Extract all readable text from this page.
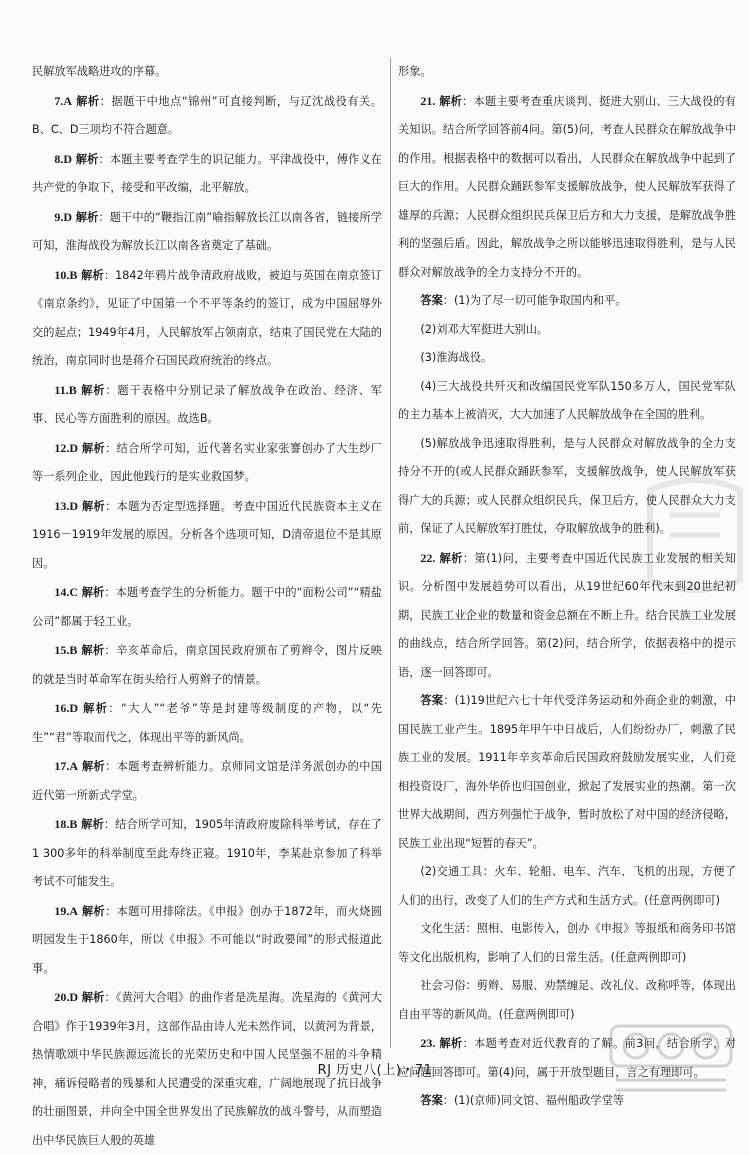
民解放军战略进攻的序幕。

7.A 解析：据题干中地点“锦州”可直接判断，与辽沈战役有关。B、C、D三项均不符合题意。

8.D 解析：本题主要考查学生的识记能力。平津战役中，傅作义在共产党的争取下，接受和平改编，北平解放。

9.D 解析：题干中的“鞭指江南”喻指解放长江以南各省，链接所学可知，淮海战役为解放长江以南各省奠定了基础。

10.B 解析：1842年鸦片战争清政府战败，被迫与英国在南京签订《南京条约》，见证了中国第一个不平等条约的签订，成为中国屈辱外交的起点；1949年4月，人民解放军占领南京，结束了国民党在大陆的统治，南京同时也是蒋介石国民政府统治的终点。

11.B 解析：题干表格中分别记录了解放战争在政治、经济、军事、民心等方面胜利的原因。故选B。

12.D 解析：结合所学可知，近代著名实业家张謇创办了大生纱厂等一系列企业，因此他践行的是实业救国梦。

13.D 解析：本题为否定型选择题。考查中国近代民族资本主义在1916－1919年发展的原因。分析各个选项可知，D清帝退位不是其原因。

14.C 解析：本题考查学生的分析能力。题干中的“面粉公司”“精盐公司”都属于轻工业。

15.B 解析：辛亥革命后，南京国民政府颁布了剪辫令，图片反映的就是当时革命军在街头给行人剪辫子的情景。

16.D 解析：“大人”“老爷”等是封建等级制度的产物，以“先生”“君”等取而代之，体现出平等的新风尚。

17.A 解析：本题考查辨析能力。京师同文馆是洋务派创办的中国近代第一所新式学堂。

18.B 解析：结合所学可知，1905年清政府废除科举考试，存在了1 300多年的科举制度至此寿终正寝。1910年，李某赴京参加了科举考试不可能发生。

19.A 解析：本题可用排除法。《申报》创办于1872年，而火烧圆明园发生于1860年，所以《申报》不可能以“时政要闻”的形式报道此事。

20.D 解析：《黄河大合唱》的曲作者是冼星海。冼星海的《黄河大合唱》作于1939年3月，这部作品由诗人光未然作词，以黄河为背景，热情歌颂中华民族源远流长的光荣历史和中国人民坚强不屈的斗争精神，痛诉侵略者的残暴和人民遭受的深重灾难，广阔地展现了抗日战争的壮丽图景，并向全中国全世界发出了民族解放的战斗警号，从而塑造出中华民族巨人般的英雄

形象。

21. 解析：本题主要考查重庆谈判、挺进大别山、三大战役的有关知识。结合所学回答前4问。第(5)问，考查人民群众在解放战争中的作用。根据表格中的数据可以看出，人民群众在解放战争中起到了巨大的作用。人民群众踊跃参军支援解放战争，使人民解放军获得了雄厚的兵源；人民群众组织民兵保卫后方和大力支援，是解放战争胜利的坚强后盾。因此，解放战争之所以能够迅速取得胜利，是与人民群众对解放战争的全力支持分不开的。

答案：(1)为了尽一切可能争取国内和平。

(2)刘邓大军挺进大别山。

(3)淮海战役。

(4)三大战役共歼灭和改编国民党军队150多万人，国民党军队的主力基本上被消灭，大大加速了人民解放战争在全国的胜利。

(5)解放战争迅速取得胜利，是与人民群众对解放战争的全力支持分不开的(或人民群众踊跃参军，支援解放战争，使人民解放军获得广大的兵源；或人民群众组织民兵，保卫后方，使人民群众大力支前，保证了人民解放军打胜仗，夺取解放战争的胜利)。

22. 解析：第(1)问，主要考查中国近代民族工业发展的相关知识。分析图中发展趋势可以看出，从19世纪60年代末到20世纪初期，民族工业企业的数量和资金总额在不断上升。结合民族工业发展的曲线点，结合所学回答。第(2)问，结合所学，依据表格中的提示语，逐一回答即可。

答案：(1)19世纪六七十年代受洋务运动和外商企业的刺激，中国民族工业产生。1895年甲午中日战后，人们纷纷办厂，刺激了民族工业的发展。1911年辛亥革命后民国政府鼓励发展实业，人们竞相投资设厂，海外华侨也归国创业，掀起了发展实业的热潮。第一次世界大战期间，西方列强忙于战争，暂时放松了对中国的经济侵略，民族工业出现“短暂的春天”。

(2)交通工具：火车、轮船、电车、汽车、飞机的出现，方便了人们的出行，改变了人们的生产方式和生活方式。(任意两例即可)

文化生活：照相、电影传入，创办《申报》等报纸和商务印书馆等文化出版机构，影响了人们的日常生活。(任意两例即可)

社会习俗：剪辫、易服、劝禁缠足、改礼仪、改称呼等，体现出自由平等的新风尚。(任意两例即可)

23. 解析：本题考查对近代教育的了解。前3问，结合所学，对应问题回答即可。第(4)问，属于开放型题目，言之有理即可。

答案：(1)(京师)同文馆、福州船政学堂等

RJ 历史八(上)・71
